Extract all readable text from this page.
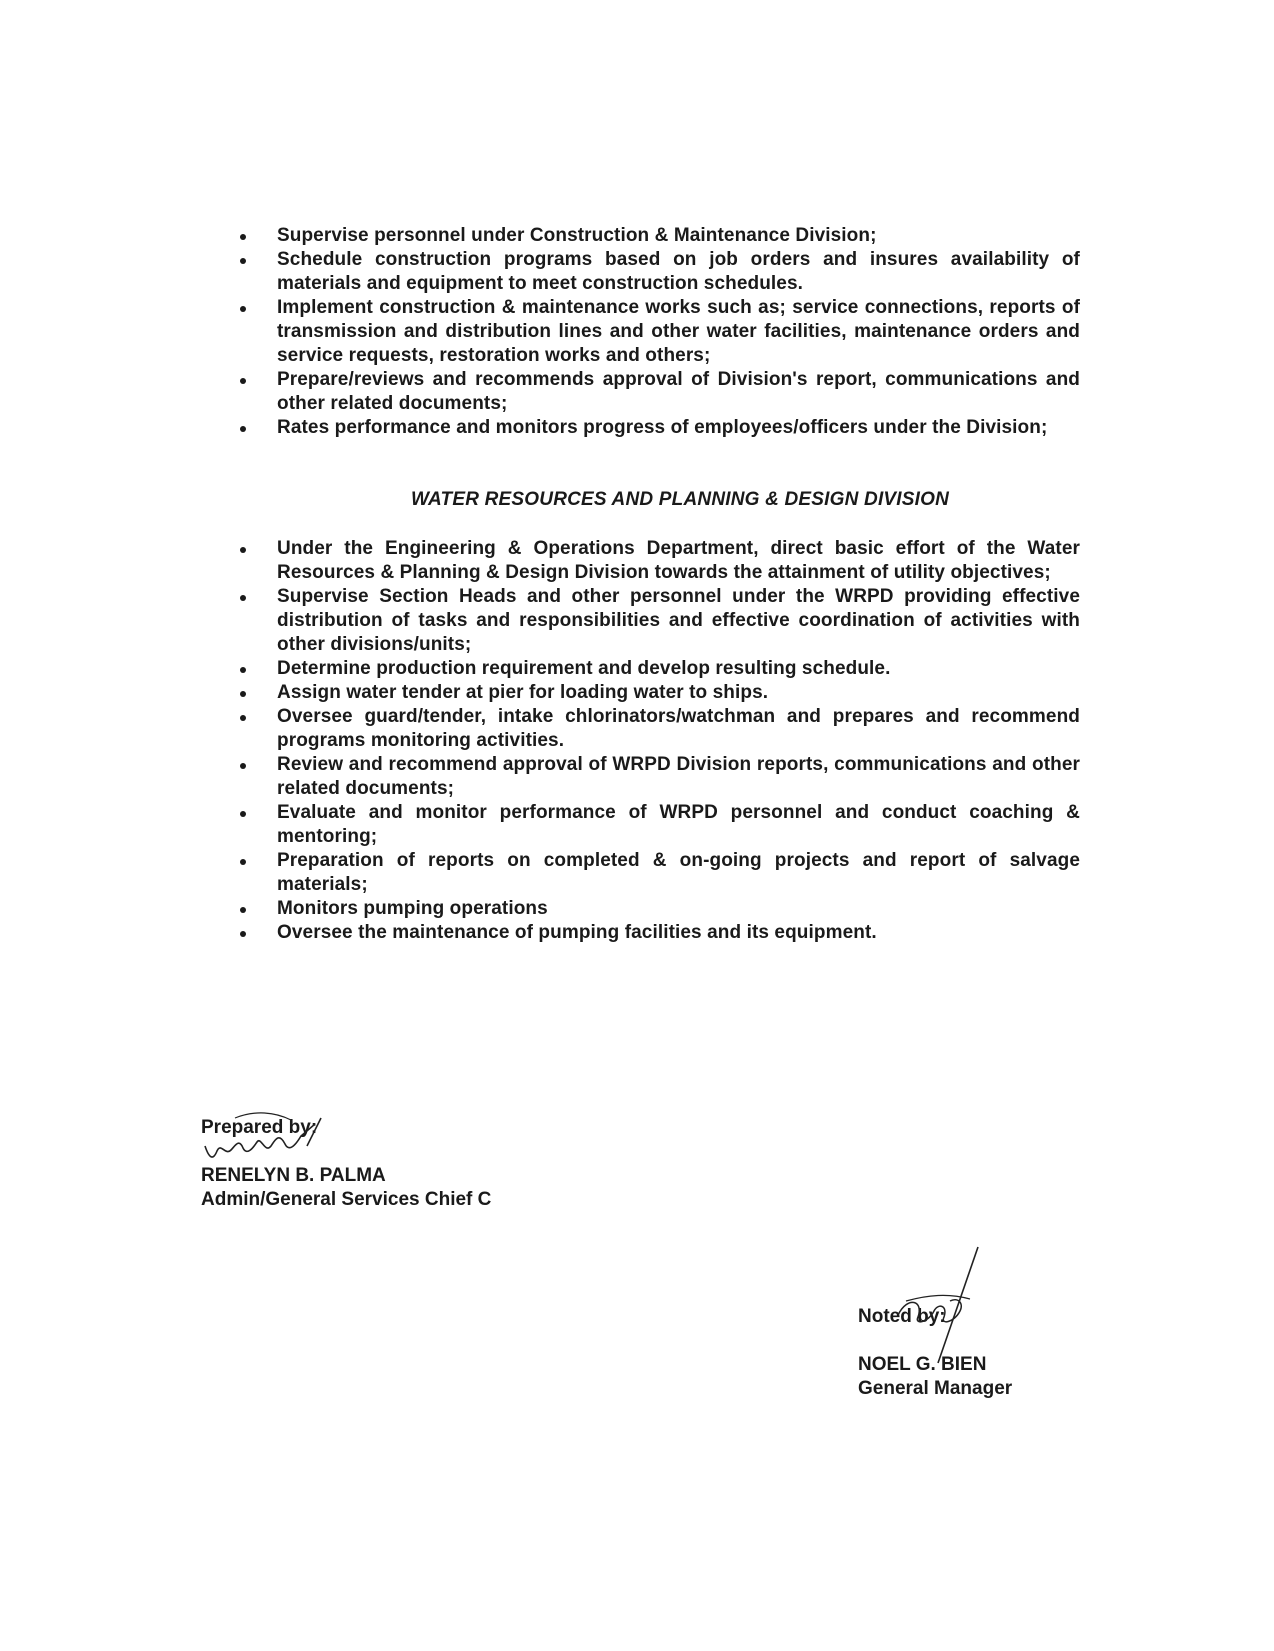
Supervise personnel under Construction & Maintenance Division;
Schedule construction programs based on job orders and insures availability of materials and equipment to meet construction schedules.
Implement construction & maintenance works such as; service connections, reports of transmission and distribution lines and other water facilities, maintenance orders and service requests, restoration works and others;
Prepare/reviews and recommends approval of Division's report, communications and other related documents;
Rates performance and monitors progress of employees/officers under the Division;
WATER RESOURCES AND PLANNING & DESIGN DIVISION
Under the Engineering & Operations Department, direct basic effort of the Water Resources & Planning & Design Division towards the attainment of utility objectives;
Supervise Section Heads and other personnel under the WRPD providing effective distribution of tasks and responsibilities and effective coordination of activities with other divisions/units;
Determine production requirement and develop resulting schedule.
Assign water tender at pier for loading water to ships.
Oversee guard/tender, intake chlorinators/watchman and prepares and recommend programs monitoring activities.
Review and recommend approval of WRPD Division reports, communications and other related documents;
Evaluate and monitor performance of WRPD personnel and conduct coaching & mentoring;
Preparation of reports on completed & on-going projects and report of salvage materials;
Monitors pumping operations
Oversee the maintenance of pumping facilities and its equipment.
Prepared by:
RENELYN B. PALMA
Admin/General Services Chief C
Noted by:
NOEL G. BIEN
General Manager
